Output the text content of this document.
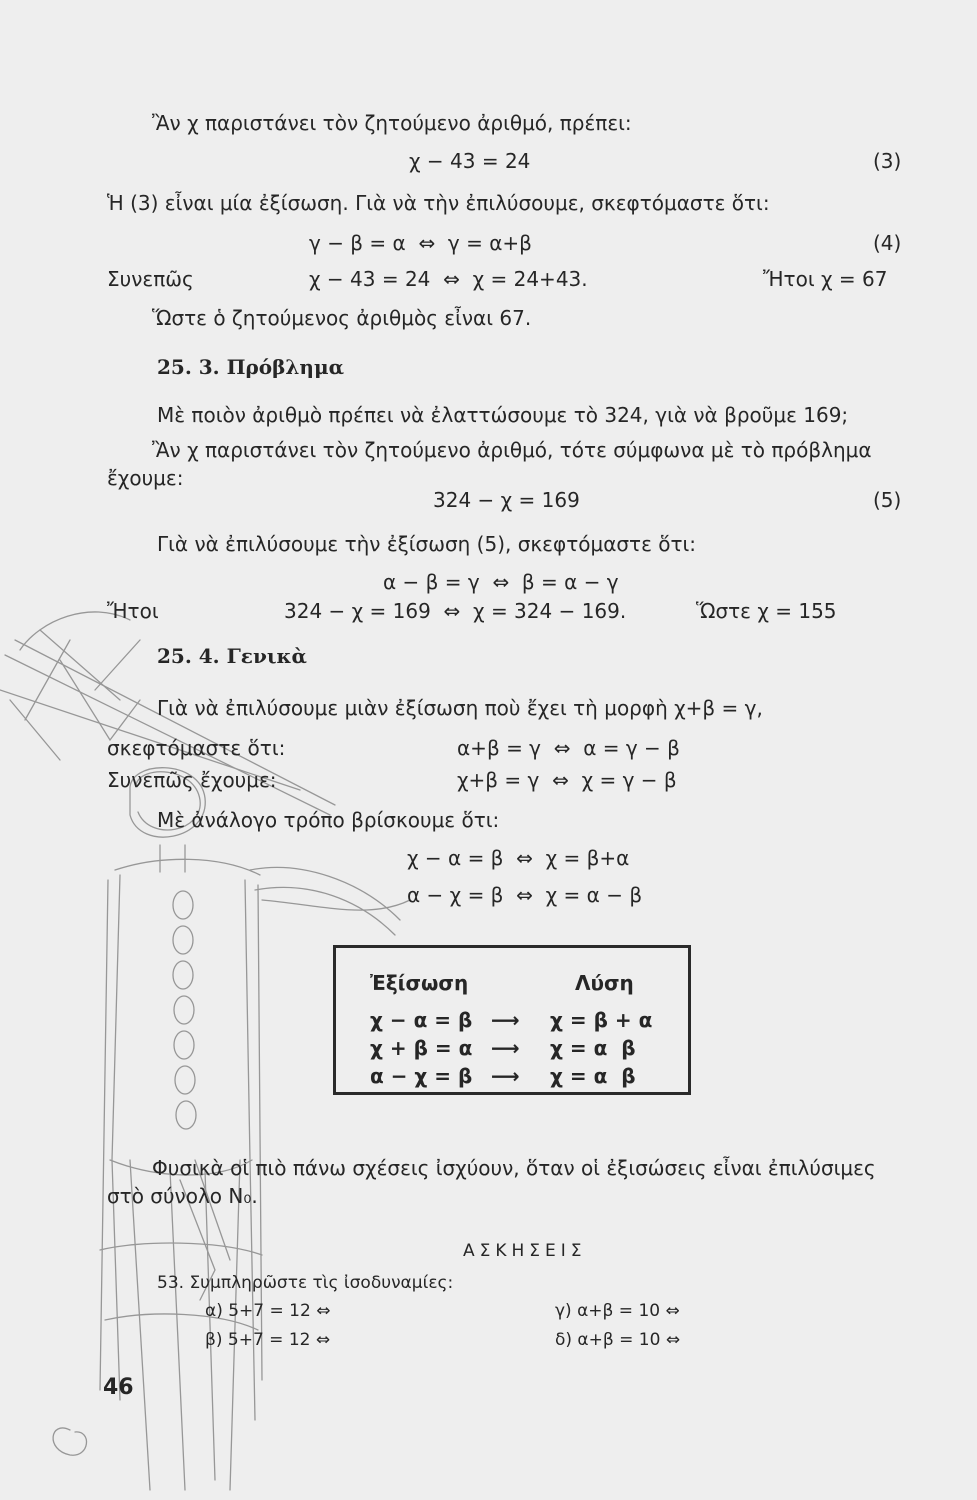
Ἂν χ παριστάνει τὸν ζητούμενο ἀριθμό, πρέπει:
χ − 43 = 24	(3)
Ἡ (3) εἶναι μία ἐξίσωση. Γιὰ νὰ τὴν ἐπιλύσουμε, σκεφτόμαστε ὅτι:
γ − β = α  ⇔  γ = α+β	(4)
Συνεπῶς	χ − 43 = 24  ⇔  χ = 24+43.	Ἤτοι χ = 67
Ὥστε ὁ ζητούμενος ἀριθμὸς εἶναι 67.
25. 3. Πρόβλημα
Μὲ ποιὸν ἀριθμὸ πρέπει νὰ ἐλαττώσουμε τὸ 324, γιὰ νὰ βροῦμε 169;
Ἂν χ παριστάνει τὸν ζητούμενο ἀριθμό, τότε σύμφωνα μὲ τὸ πρόβλημα
ἔχουμε:
324 − χ = 169	(5)
Γιὰ νὰ ἐπιλύσουμε τὴν ἐξίσωση (5), σκεφτόμαστε ὅτι:
α − β = γ  ⇔  β = α − γ
Ἤτοι	324 − χ = 169  ⇔  χ = 324 − 169.	Ὥστε χ = 155
25. 4. Γενικὰ
Γιὰ νὰ ἐπιλύσουμε μιὰν ἐξίσωση ποὺ ἔχει τὴ μορφὴ χ+β = γ,
σκεφτόμαστε ὅτι:	α+β = γ  ⇔  α = γ − β
Συνεπῶς ἔχουμε:	χ+β = γ  ⇔  χ = γ − β
Μὲ ἀνάλογο τρόπο βρίσκουμε ὅτι:
χ − α = β  ⇔  χ = β+α
α − χ = β  ⇔  χ = α − β
Ἐξίσωση	Λύση
χ − α = β ⟶ χ = β + α
χ + β = α ⟶ χ = α  β
α − χ = β ⟶ χ = α  β
Φυσικὰ οἱ πιὸ πάνω σχέσεις ἰσχύουν, ὅταν οἱ ἐξισώσεις εἶναι ἐπιλύσιμες
στὸ σύνολο N₀.
ΑΣΚΗΣΕΙΣ
53. Συμπληρῶστε τὶς ἰσοδυναμίες:
α) 5+7 = 12 ⇔
β) 5+7 = 12 ⇔
γ) α+β = 10 ⇔
δ) α+β = 10 ⇔
46
